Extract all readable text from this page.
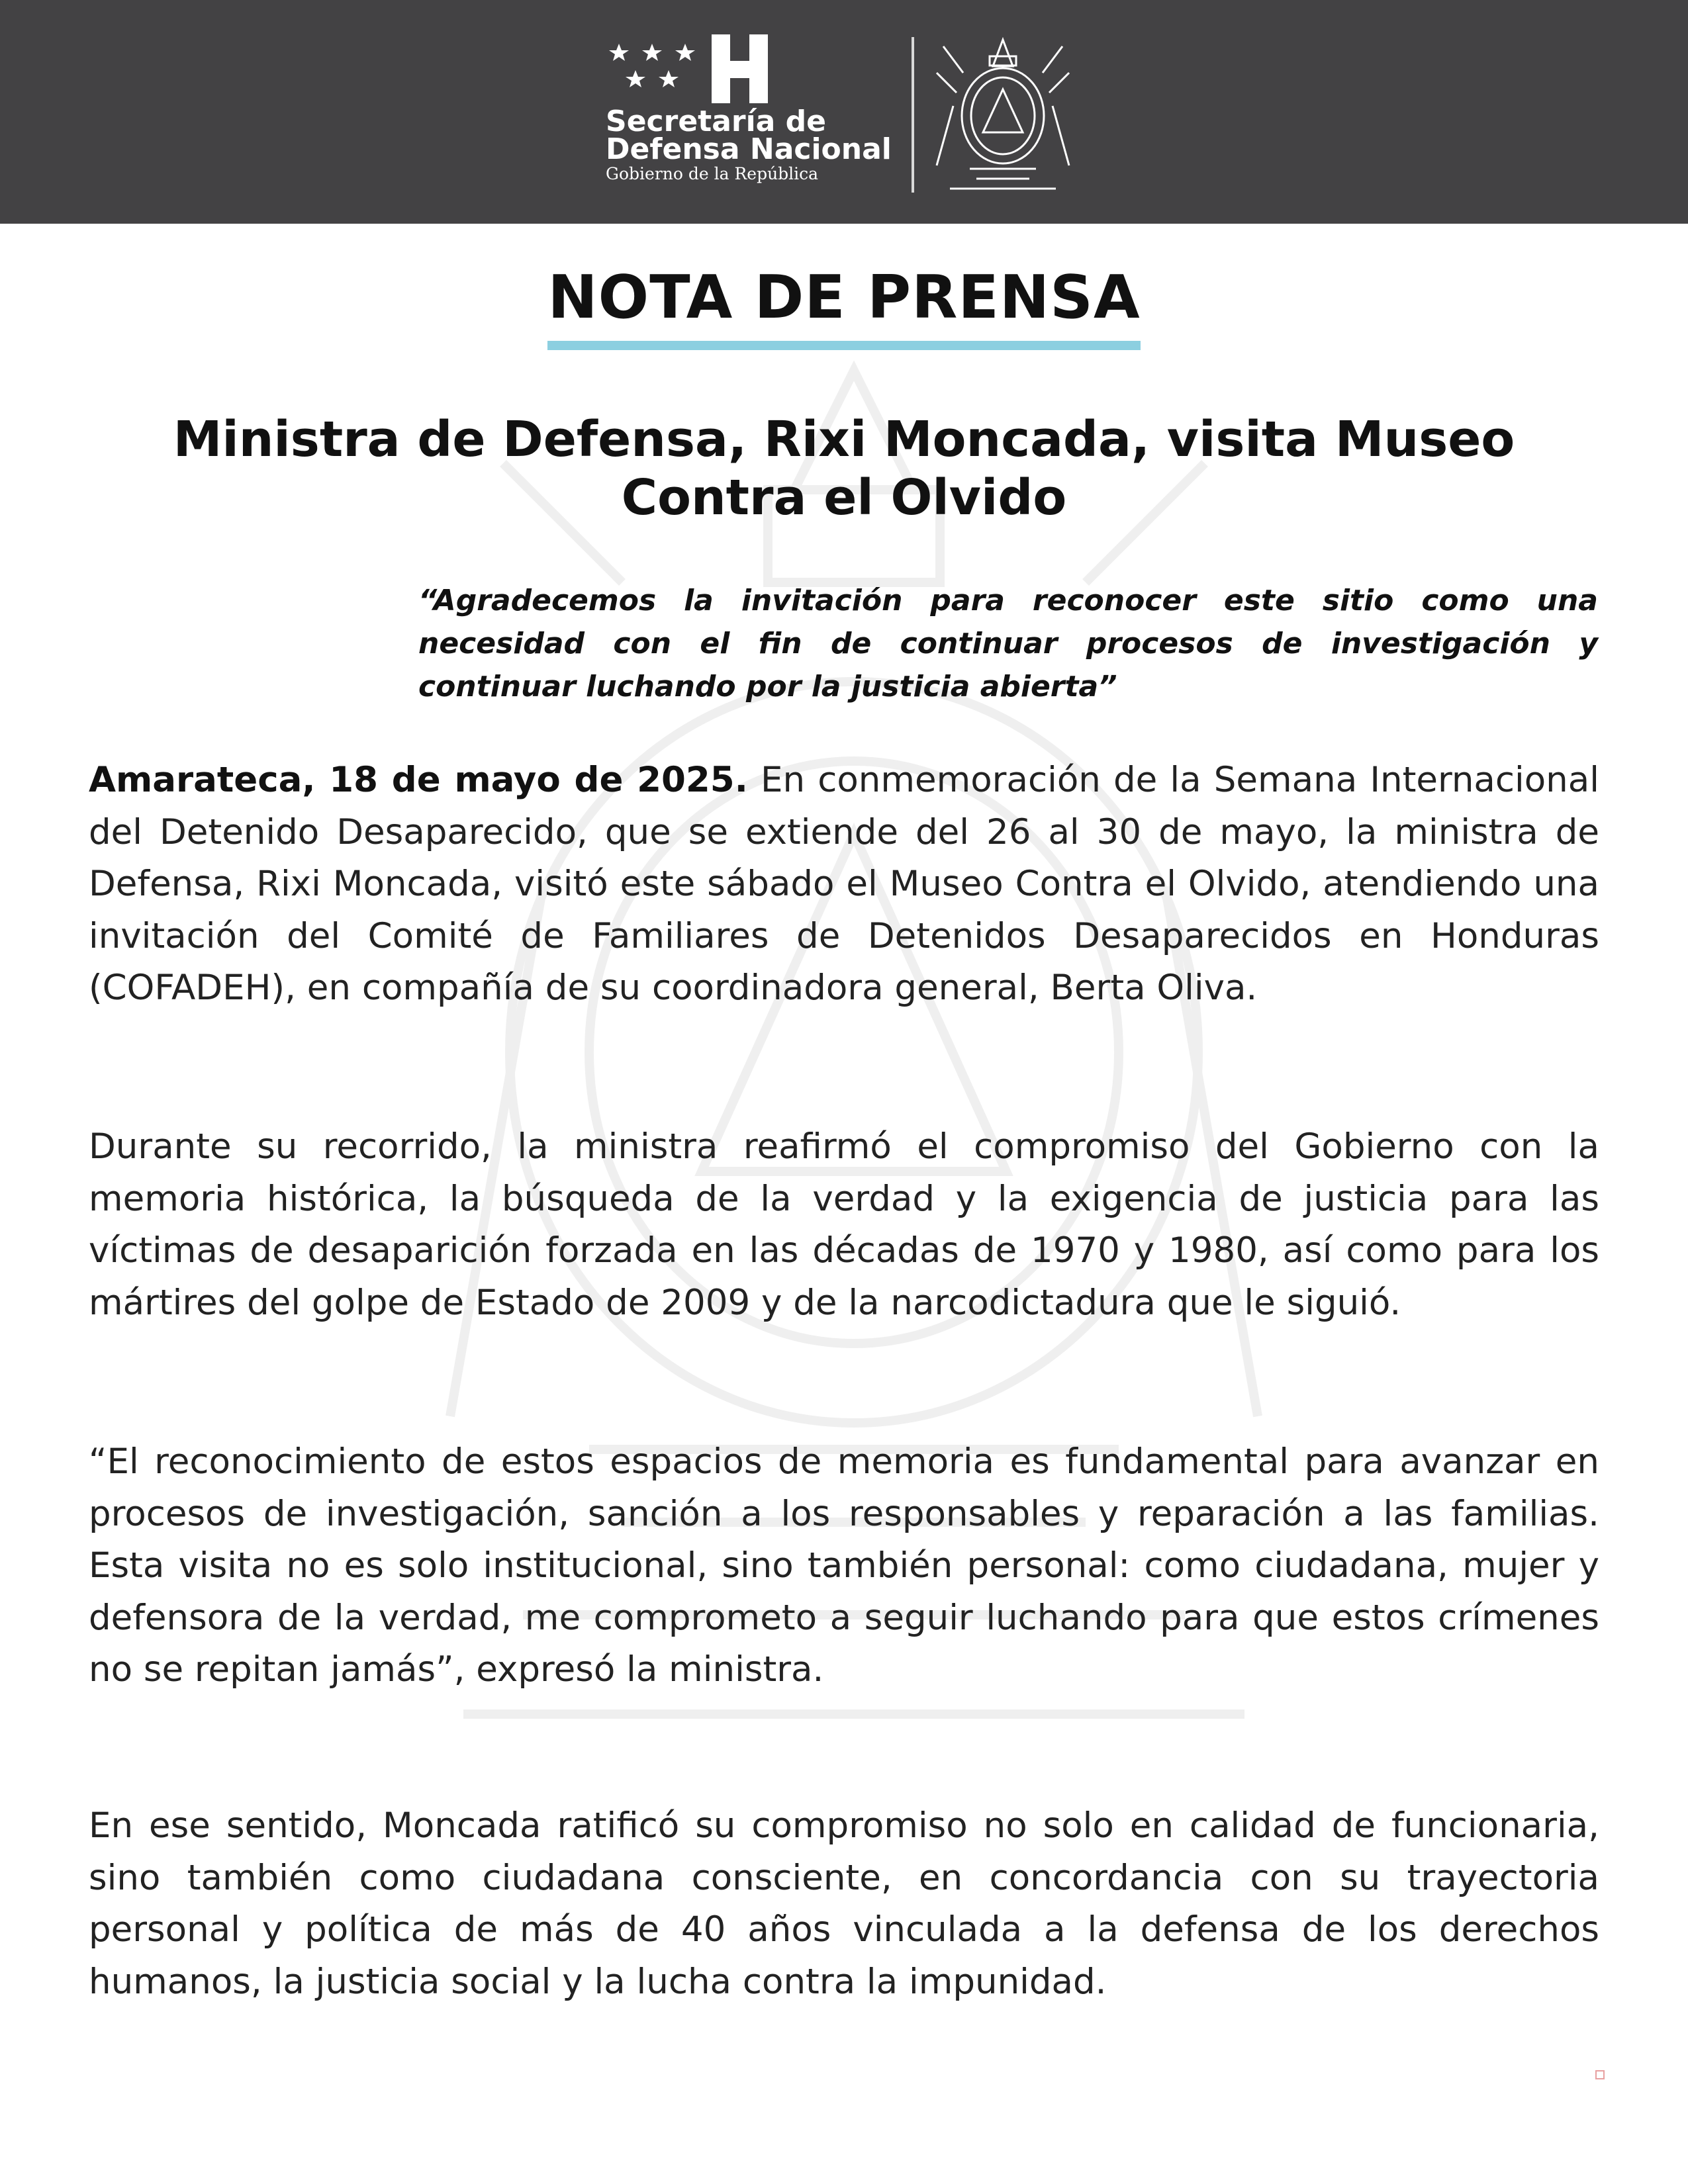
Secretaría de
Defensa Nacional
Gobierno de la República
NOTA DE PRENSA
Ministra de Defensa, Rixi Moncada, visita Museo Contra el Olvido

“Agradecemos la invitación para reconocer este sitio como una necesidad con el fin de continuar procesos de investigación y continuar luchando por la justicia abierta”

Amarateca, 18 de mayo de 2025. En conmemoración de la Semana Internacional del Detenido Desaparecido, que se extiende del 26 al 30 de mayo, la ministra de Defensa, Rixi Moncada, visitó este sábado el Museo Contra el Olvido, atendiendo una invitación del Comité de Familiares de Detenidos Desaparecidos en Honduras (COFADEH), en compañía de su coordinadora general, Berta Oliva.

Durante su recorrido, la ministra reafirmó el compromiso del Gobierno con la memoria histórica, la búsqueda de la verdad y la exigencia de justicia para las víctimas de desaparición forzada en las décadas de 1970 y 1980, así como para los mártires del golpe de Estado de 2009 y de la narcodictadura que le siguió.

“El reconocimiento de estos espacios de memoria es fundamental para avanzar en procesos de investigación, sanción a los responsables y reparación a las familias. Esta visita no es solo institucional, sino también personal: como ciudadana, mujer y defensora de la verdad, me comprometo a seguir luchando para que estos crímenes no se repitan jamás”, expresó la ministra.

En ese sentido, Moncada ratificó su compromiso no solo en calidad de funcionaria, sino también como ciudadana consciente, en concordancia con su trayectoria personal y política de más de 40 años vinculada a la defensa de los derechos humanos, la justicia social y la lucha contra la impunidad.
